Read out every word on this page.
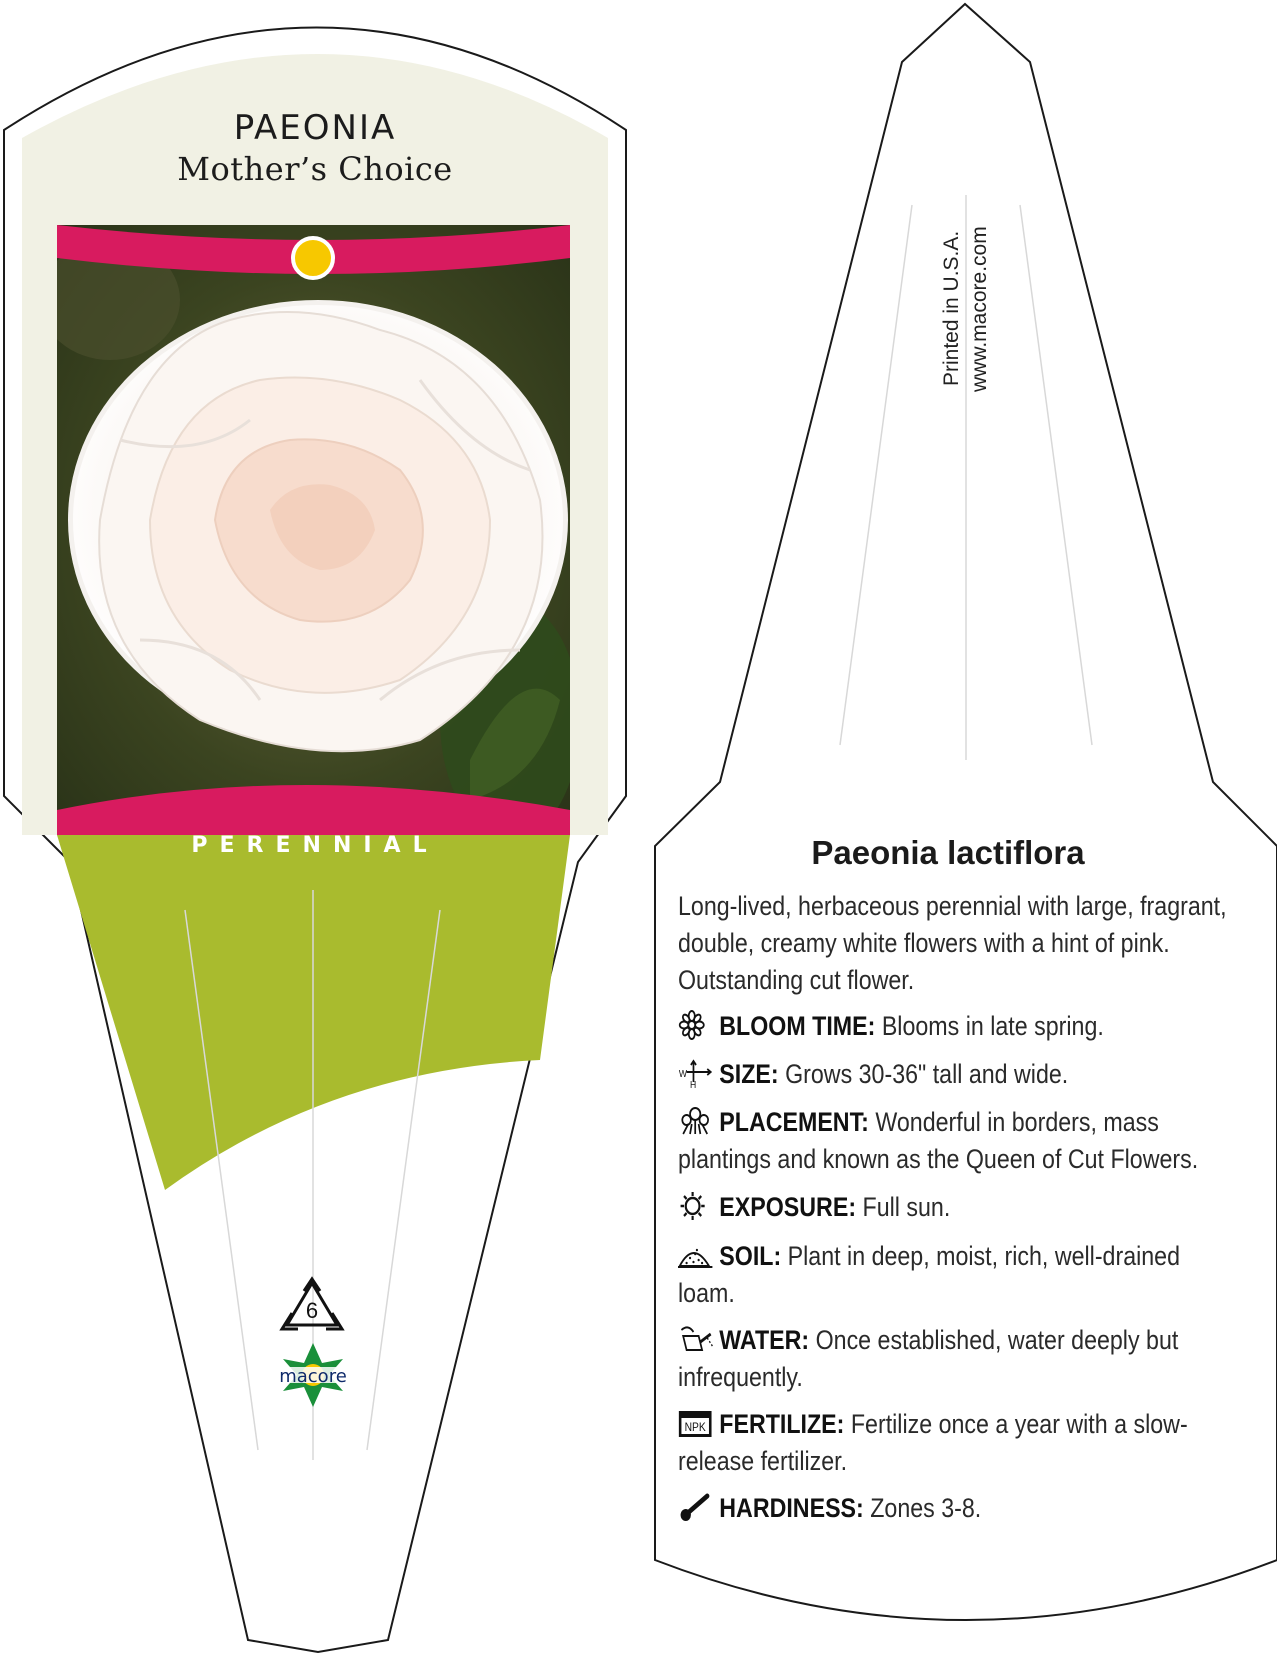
6
macore
PAEONIA
Mother’s Choice
PERENNIAL
Printed in U.S.A. www.macore.com
Paeonia lactiflora
Long-lived, herbaceous perennial with large, fragrant, double, creamy white flowers with a hint of pink. Outstanding cut flower.
BLOOM TIME: Blooms in late spring.
W
H SIZE: Grows 30-36" tall and wide.
PLACEMENT: Wonderful in borders, mass plantings and known as the Queen of Cut Flowers.
EXPOSURE: Full sun.
SOIL: Plant in deep, moist, rich, well-drained loam.
WATER: Once established, water deeply but infrequently.
NPK FERTILIZE: Fertilize once a year with a slow-release fertilizer.
HARDINESS: Zones 3-8.
